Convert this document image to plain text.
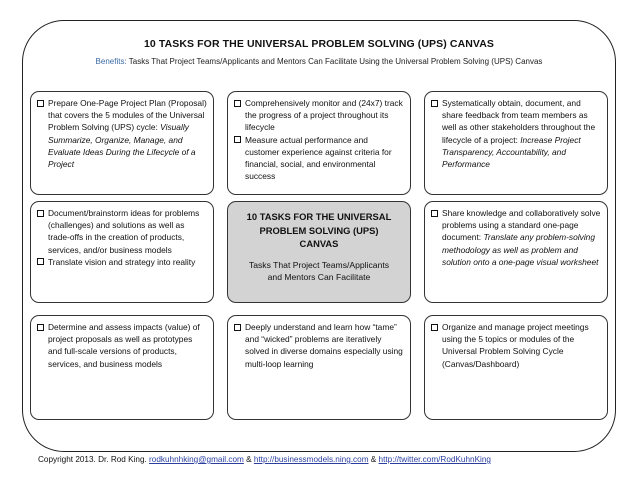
10 TASKS FOR THE UNIVERSAL PROBLEM SOLVING (UPS) CANVAS
Benefits: Tasks That Project Teams/Applicants and Mentors Can Facilitate Using the Universal Problem Solving (UPS) Canvas
Prepare One-Page Project Plan (Proposal) that covers the 5 modules of the Universal Problem Solving (UPS) cycle: Visually Summarize, Organize, Manage, and Evaluate Ideas During the Lifecycle of a Project
Comprehensively monitor and (24x7) track the progress of a project throughout its lifecycle
Measure actual performance and customer experience against criteria for financial, social, and environmental success
Systematically obtain, document, and share feedback from team members as well as other stakeholders throughout the lifecycle of a project: Increase Project Transparency, Accountability, and Performance
Document/brainstorm ideas for problems (challenges) and solutions as well as trade-offs in the creation of products, services, and/or business models
Translate vision and strategy into reality
10 TASKS FOR THE UNIVERSAL PROBLEM SOLVING (UPS) CANVAS
Tasks That Project Teams/Applicants and Mentors Can Facilitate
Share knowledge and collaboratively solve problems using a standard one-page document: Translate any problem-solving methodology as well as problem and solution onto a one-page visual worksheet
Determine and assess impacts (value) of project proposals as well as prototypes and full-scale versions of products, services, and business models
Deeply understand and learn how “tame” and “wicked” problems are iteratively solved in diverse domains especially using multi-loop learning
Organize and manage project meetings using the 5 topics or modules of the Universal Problem Solving Cycle (Canvas/Dashboard)
Copyright 2013. Dr. Rod King. rodkuhnhking@gmail.com & http://businessmodels.ning.com & http://twitter.com/RodKuhnKing
